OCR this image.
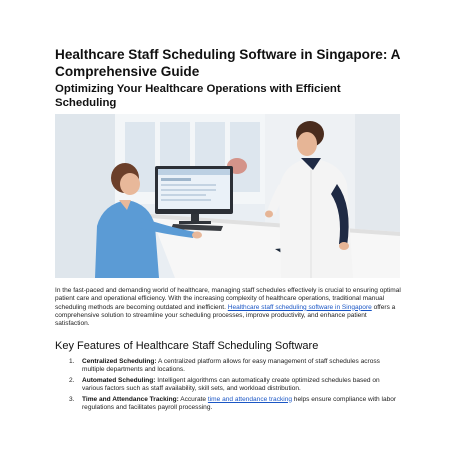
Healthcare Staff Scheduling Software in Singapore: A Comprehensive Guide
Optimizing Your Healthcare Operations with Efficient Scheduling

In the fast-paced and demanding world of healthcare, managing staff schedules effectively is crucial to ensuring optimal patient care and operational efficiency. With the increasing complexity of healthcare operations, traditional manual scheduling methods are becoming outdated and inefficient. Healthcare staff scheduling software in Singapore offers a comprehensive solution to streamline your scheduling processes, improve productivity, and enhance patient satisfaction.

Key Features of Healthcare Staff Scheduling Software
1. Centralized Scheduling: A centralized platform allows for easy management of staff schedules across multiple departments and locations.
2. Automated Scheduling: Intelligent algorithms can automatically create optimized schedules based on various factors such as staff availability, skill sets, and workload distribution.
3. Time and Attendance Tracking: Accurate time and attendance tracking helps ensure compliance with labor regulations and facilitates payroll processing.
